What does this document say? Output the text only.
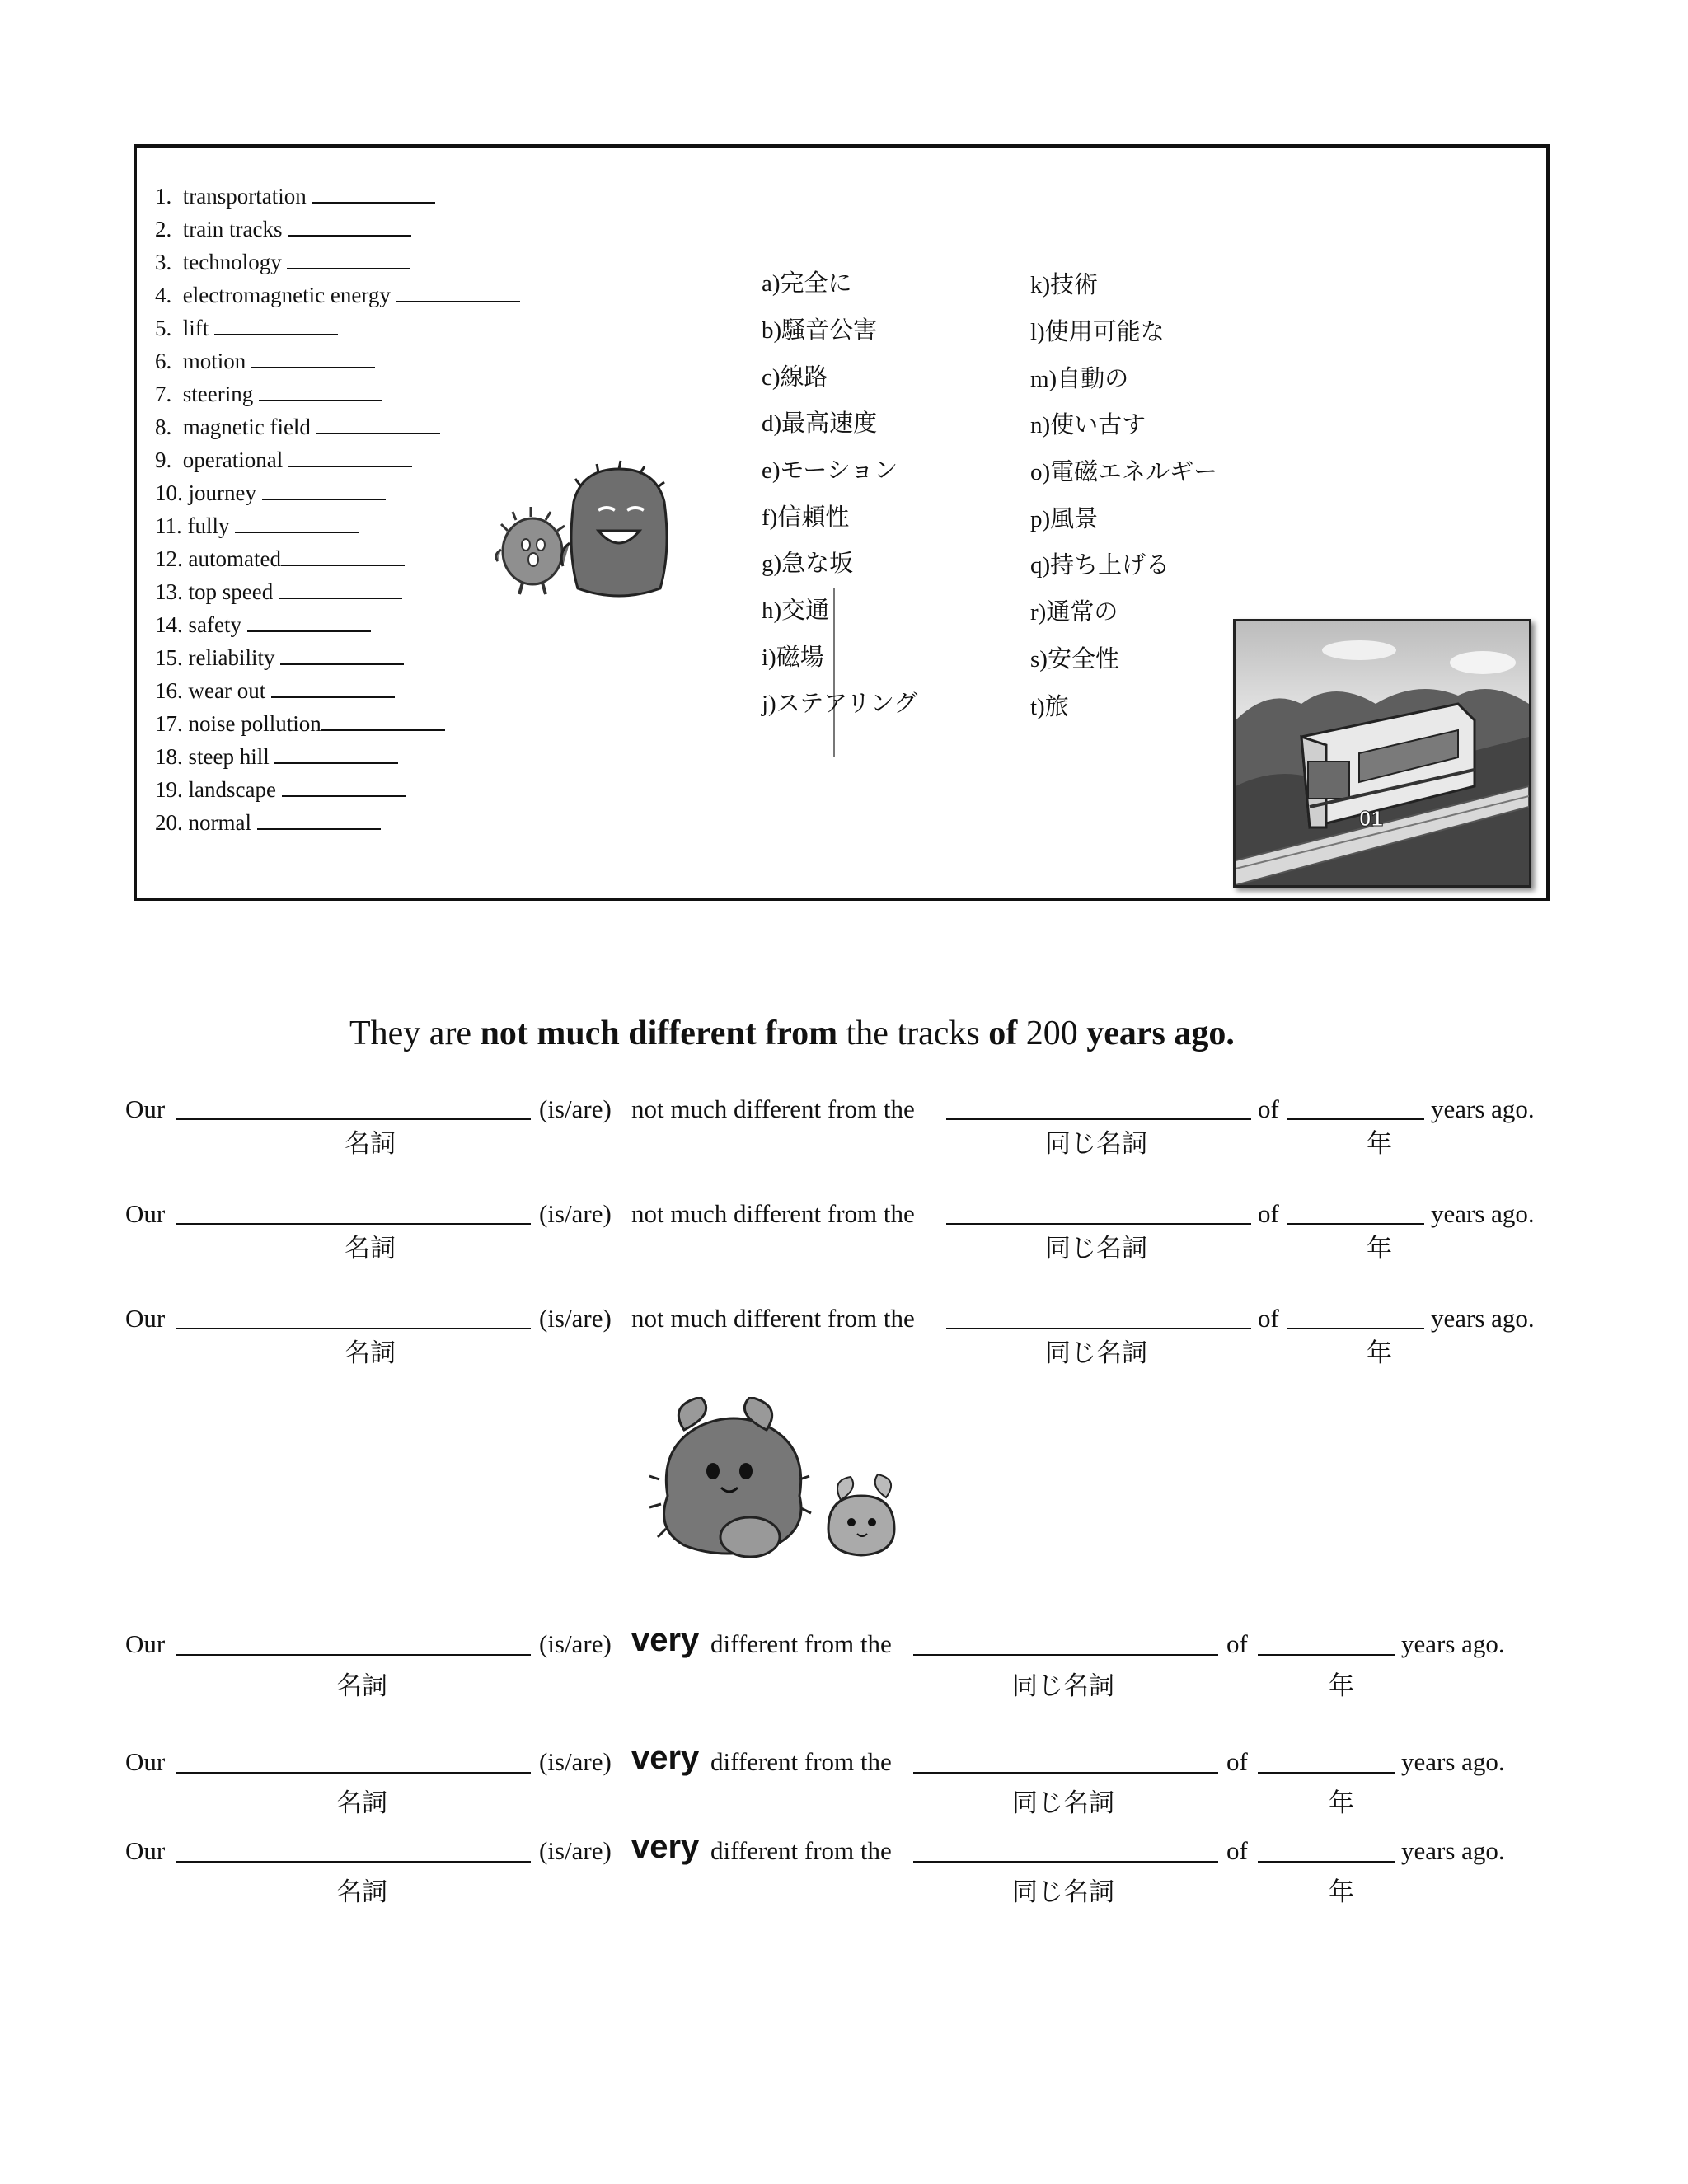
1. transportation
2. train tracks
3. technology
4. electromagnetic energy
5. lift
6. motion
7. steering
8. magnetic field
9. operational
10. journey
11. fully
12. automated
13. top speed
14. safety
15. reliability
16. wear out
17. noise pollution
18. steep hill
19. landscape
20. normal
a)完全に
b)騒音公害
c)線路
d)最高速度
e)モーション
f)信頼性
g)急な坂
h)交通
i)磁場
j)ステアリング
k)技術
l)使用可能な
m)自動の
n)使い古す
o)電磁エネルギー
p)風景
q)持ち上げる
r)通常の
s)安全性
t)旅
01
They are not much different from the tracks of 200 years ago.
Our	(is/are) not much different from the	of	years ago.
名詞	同じ名詞	年
Our	(is/are) not much different from the	of	years ago.
名詞	同じ名詞	年
Our	(is/are) not much different from the	of	years ago.
名詞	同じ名詞	年
Our	(is/are) very different from the	of	years ago.
名詞	同じ名詞	年
Our	(is/are) very different from the	of	years ago.
名詞	同じ名詞	年
Our	(is/are) very different from the	of	years ago.
名詞	同じ名詞	年
